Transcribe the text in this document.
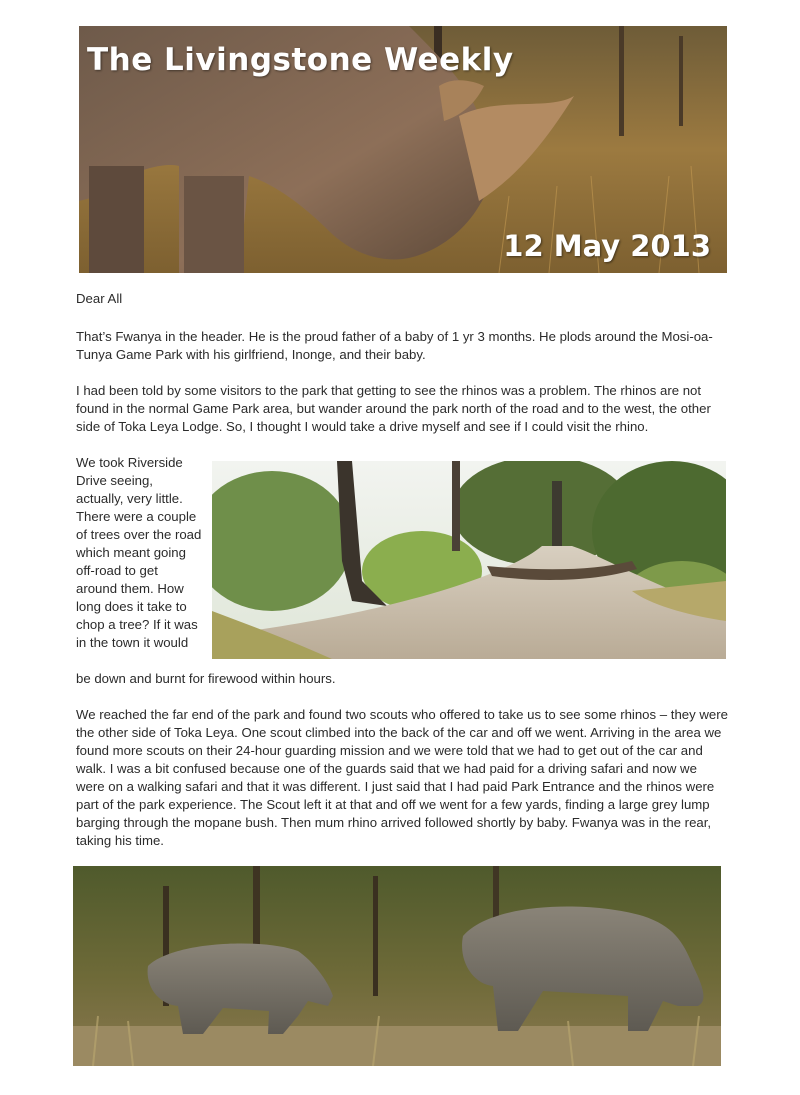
The Livingstone Weekly
12 May 2013
Dear All
That’s Fwanya in the header. He is the proud father of a baby of 1 yr 3 months. He plods around the Mosi-oa-Tunya Game Park with his girlfriend, Inonge, and their baby.
I had been told by some visitors to the park that getting to see the rhinos was a problem. The rhinos are not found in the normal Game Park area, but wander around the park north of the road and to the west, the other side of Toka Leya Lodge. So, I thought I would take a drive myself and see if I could visit the rhino.
We took Riverside Drive seeing, actually, very little. There were a couple of trees over the road which meant going off-road to get around them. How long does it take to chop a tree? If it was in the town it would
be down and burnt for firewood within hours.
We reached the far end of the park and found two scouts who offered to take us to see some rhinos – they were the other side of Toka Leya. One scout climbed into the back of the car and off we went. Arriving in the area we found more scouts on their 24-hour guarding mission and we were told that we had to get out of the car and walk. I was a bit confused because one of the guards said that we had paid for a driving safari and now we were on a walking safari and that it was different. I just said that I had paid Park Entrance and the rhinos were part of the park experience. The Scout left it at that and off we went for a few yards, finding a large grey lump barging through the mopane bush. Then mum rhino arrived followed shortly by baby. Fwanya was in the rear, taking his time.
